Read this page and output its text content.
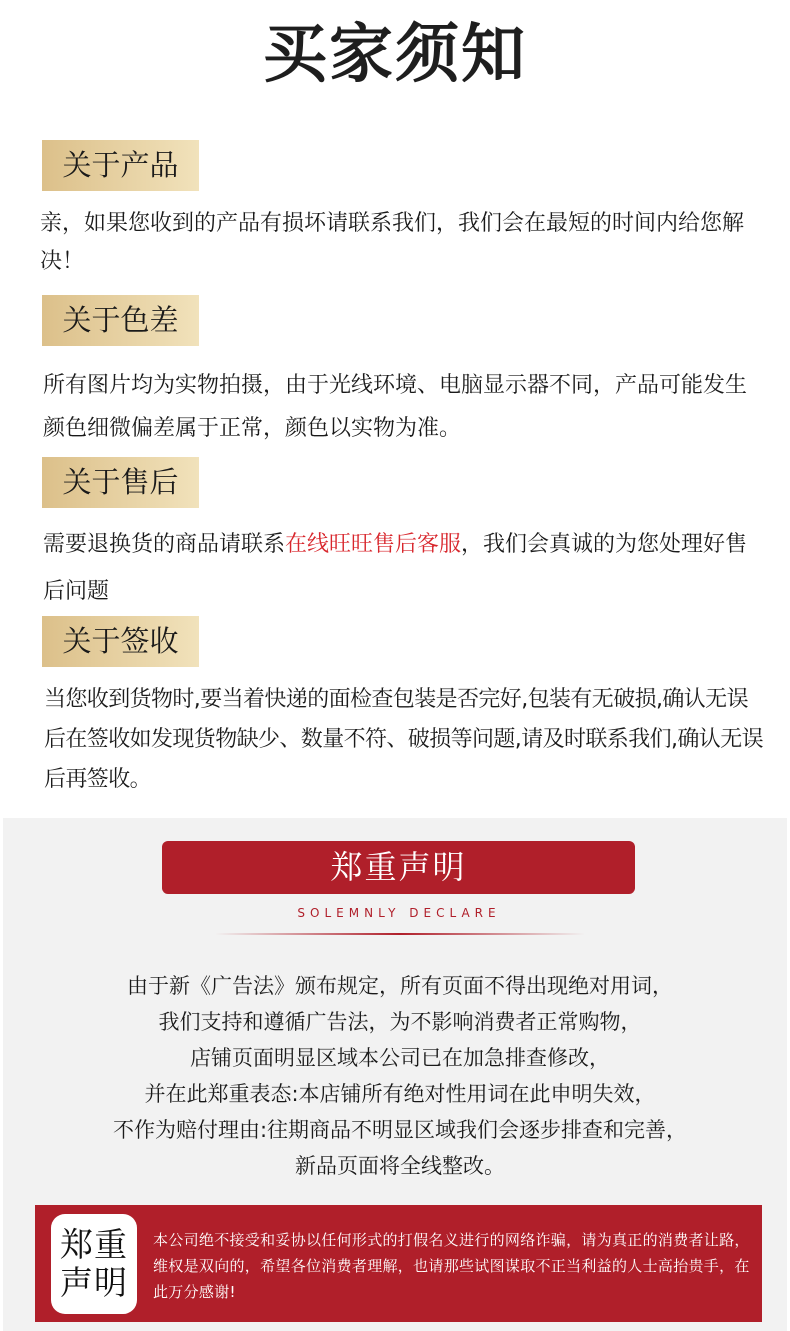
买家须知
关于产品
亲，如果您收到的产品有损坏请联系我们，我们会在最短的时间内给您解决！
关于色差
所有图片均为实物拍摄，由于光线环境、电脑显示器不同，产品可能发生颜色细微偏差属于正常，颜色以实物为准。
关于售后
需要退换货的商品请联系在线旺旺售后客服，我们会真诚的为您处理好售后问题
关于签收
当您收到货物时,要当着快递的面检查包装是否完好,包装有无破损,确认无误后在签收如发现货物缺少、数量不符、破损等问题,请及时联系我们,确认无误后再签收。
郑重声明
SOLEMNLY DECLARE
由于新《广告法》颁布规定，所有页面不得出现绝对用词，
我们支持和遵循广告法，为不影响消费者正常购物，
店铺页面明显区域本公司已在加急排查修改，
并在此郑重表态:本店铺所有绝对性用词在此申明失效，
不作为赔付理由:往期商品不明显区域我们会逐步排查和完善，
新品页面将全线整改。
郑重
声明
本公司绝不接受和妥协以任何形式的打假名义进行的网络诈骗，请为真正的消费者让路，维权是双向的，希望各位消费者理解，也请那些试图谋取不正当利益的人士高抬贵手，在此万分感谢!
